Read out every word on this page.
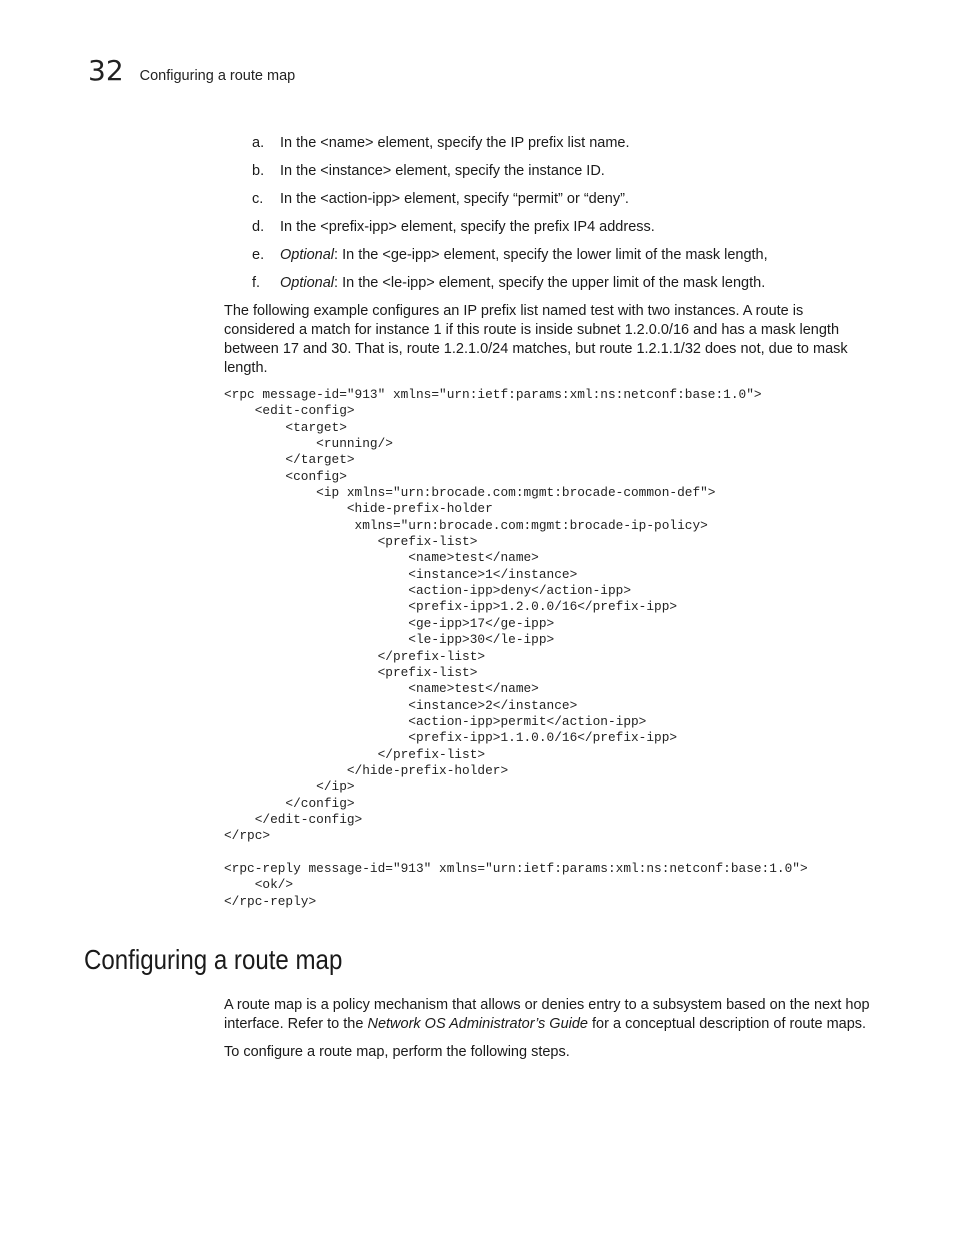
32 Configuring a route map
a.	In the <name> element, specify the IP prefix list name.
b.	In the <instance> element, specify the instance ID.
c.	In the <action-ipp> element, specify “permit” or “deny”.
d.	In the <prefix-ipp> element, specify the prefix IP4 address.
e.	Optional: In the <ge-ipp> element, specify the lower limit of the mask length,
f.	Optional: In the <le-ipp> element, specify the upper limit of the mask length.

The following example configures an IP prefix list named test with two instances. A route is considered a match for instance 1 if this route is inside subnet 1.2.0.0/16 and has a mask length between 17 and 30. That is, route 1.2.1.0/24 matches, but route 1.2.1.1/32 does not, due to mask length.

<rpc message-id="913" xmlns="urn:ietf:params:xml:ns:netconf:base:1.0">
<edit-config>
<target>
<running/>
</target>
<config>
<ip xmlns="urn:brocade.com:mgmt:brocade-common-def">
<hide-prefix-holder
xmlns="urn:brocade.com:mgmt:brocade-ip-policy>
<prefix-list>
<name>test</name>
<instance>1</instance>
<action-ipp>deny</action-ipp>
<prefix-ipp>1.2.0.0/16</prefix-ipp>
<ge-ipp>17</ge-ipp>
<le-ipp>30</le-ipp>
</prefix-list>
<prefix-list>
<name>test</name>
<instance>2</instance>
<action-ipp>permit</action-ipp>
<prefix-ipp>1.1.0.0/16</prefix-ipp>
</prefix-list>
</hide-prefix-holder>
</ip>
</config>
</edit-config>
</rpc>

<rpc-reply message-id="913" xmlns="urn:ietf:params:xml:ns:netconf:base:1.0">
<ok/>
</rpc-reply>
Configuring a route map

A route map is a policy mechanism that allows or denies entry to a subsystem based on the next hop interface. Refer to the Network OS Administrator’s Guide for a conceptual description of route maps.

To configure a route map, perform the following steps.
